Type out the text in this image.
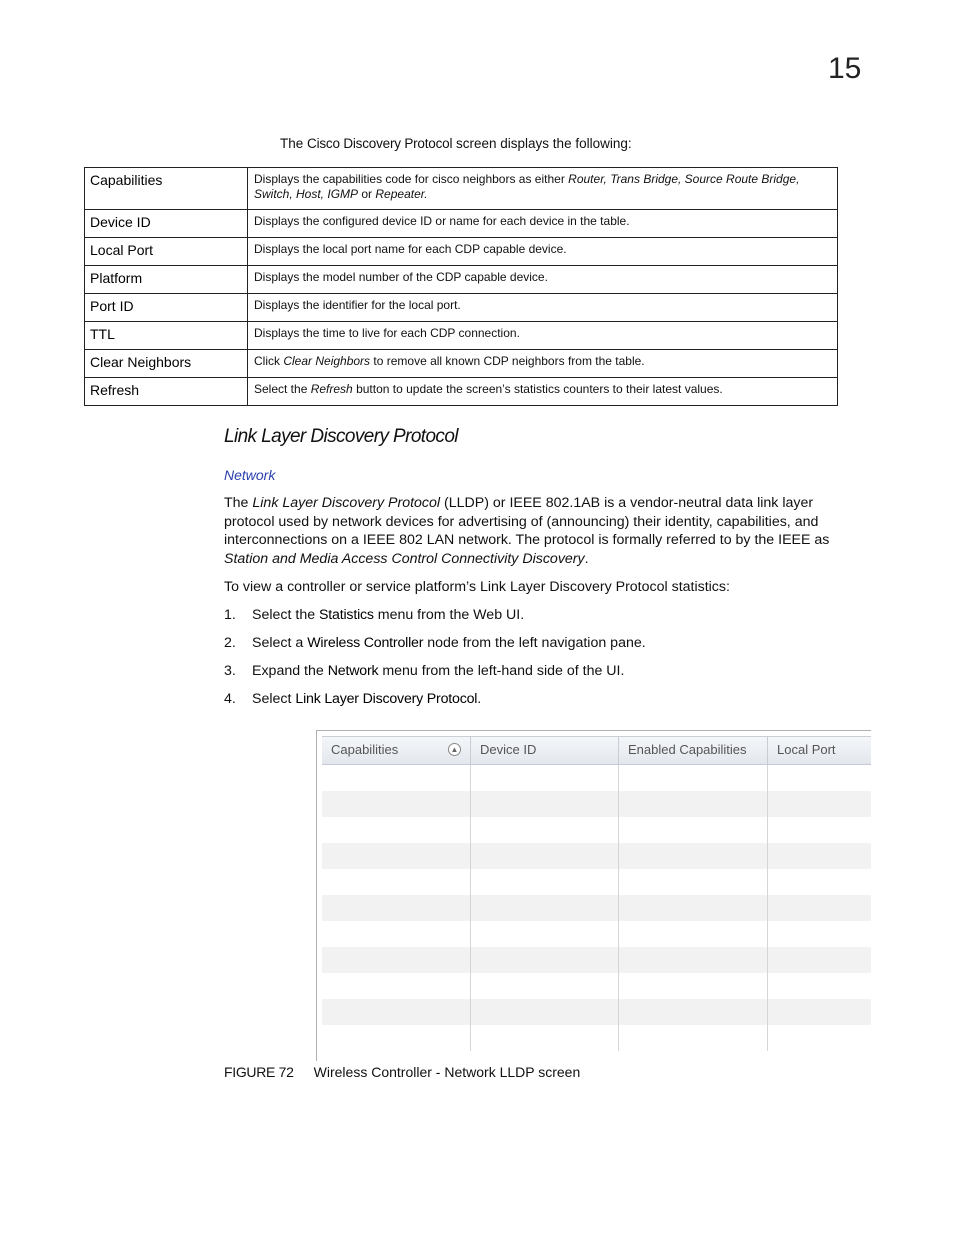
15
The Cisco Discovery Protocol screen displays the following:
Capabilities	Displays the capabilities code for cisco neighbors as either Router, Trans Bridge, Source Route Bridge, Switch, Host, IGMP or Repeater.
Device ID	Displays the configured device ID or name for each device in the table.
Local Port	Displays the local port name for each CDP capable device.
Platform	Displays the model number of the CDP capable device.
Port ID	Displays the identifier for the local port.
TTL	Displays the time to live for each CDP connection.
Clear Neighbors	Click Clear Neighbors to remove all known CDP neighbors from the table.
Refresh	Select the Refresh button to update the screen’s statistics counters to their latest values.
Link Layer Discovery Protocol
Network
The Link Layer Discovery Protocol (LLDP) or IEEE 802.1AB is a vendor-neutral data link layer protocol used by network devices for advertising of (announcing) their identity, capabilities, and interconnections on a IEEE 802 LAN network. The protocol is formally referred to by the IEEE as Station and Media Access Control Connectivity Discovery.
To view a controller or service platform’s Link Layer Discovery Protocol statistics:
1. Select the Statistics menu from the Web UI.
2. Select a Wireless Controller node from the left navigation pane.
3. Expand the Network menu from the left-hand side of the UI.
4. Select Link Layer Discovery Protocol.
Capabilities	▲	Device ID	Enabled Capabilities	Local Port
FIGURE 72 Wireless Controller - Network LLDP screen
